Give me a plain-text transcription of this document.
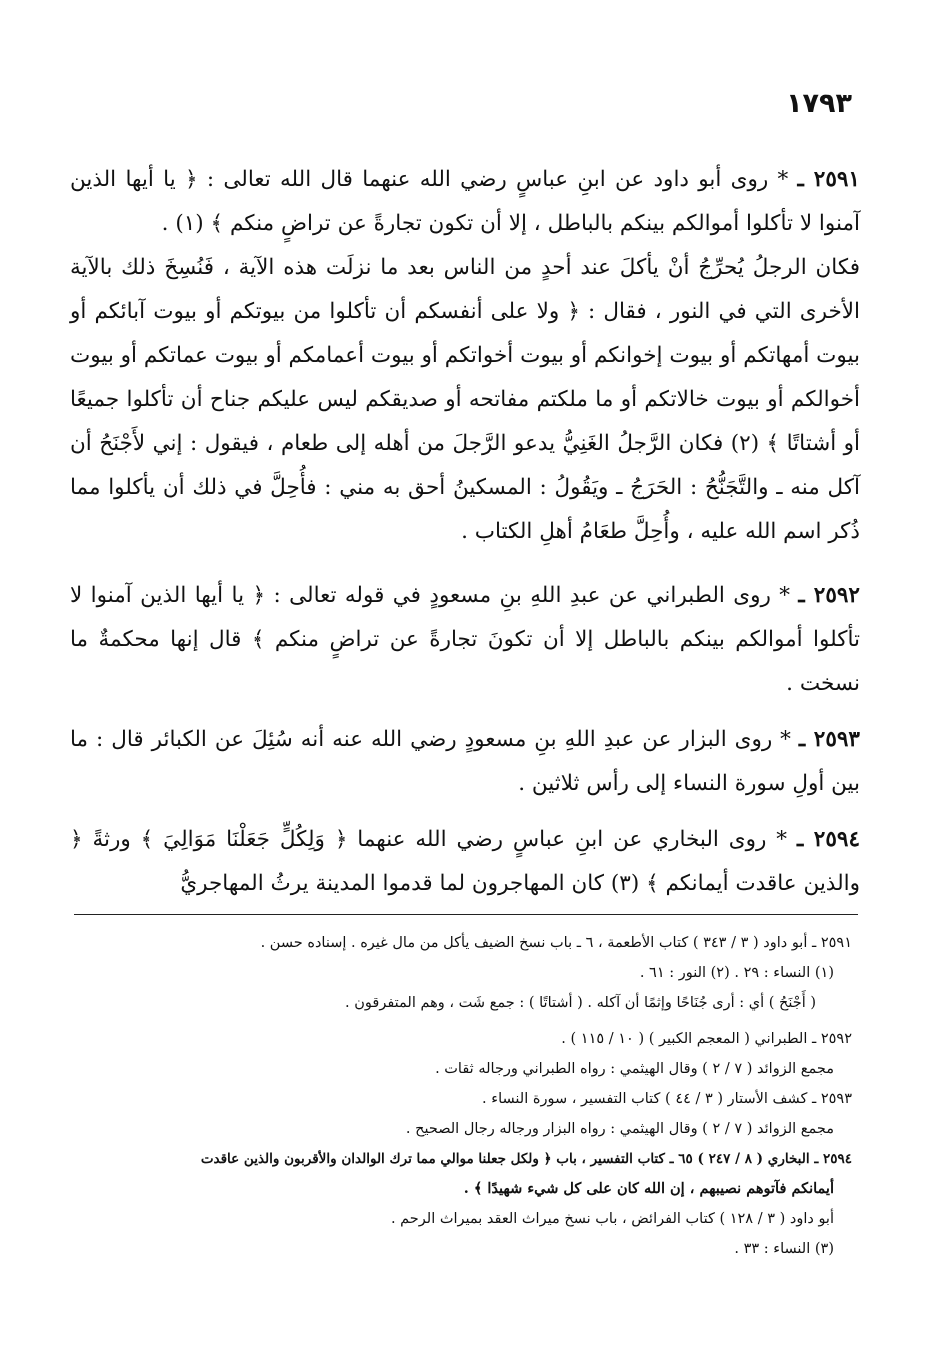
١٧٩٣

٢٥٩١ ـ * روى أبو داود عن ابنِ عباسٍ رضي الله عنهما قال الله تعالى : ﴿ يا أيها الذين آمنوا لا تأكلوا أموالكم بينكم بالباطل ، إلا أن تكون تجارةً عن تراضٍ منكم ﴾ (١) .

فكان الرجلُ يُحرِّجُ أنْ يأكلَ عند أحدٍ من الناس بعد ما نزلَت هذه الآية ، فَنُسِخَ ذلك بالآية الأخرى التي في النور ، فقال : ﴿ ولا على أنفسكم أن تأكلوا من بيوتكم أو بيوت آبائكم أو بيوت أمهاتكم أو بيوت إخوانكم أو بيوت أخواتكم أو بيوت أعمامكم أو بيوت عماتكم أو بيوت أخوالكم أو بيوت خالاتكم أو ما ملكتم مفاتحه أو صديقكم ليس عليكم جناح أن تأكلوا جميعًا أو أشتاتًا ﴾ (٢) فكان الرَّجلُ الغَنِيُّ يدعو الرَّجلَ من أهله إلى طعام ، فيقول : إني لأَجْنَحُ أن آكل منه ـ والتَّجَنُّحُ : الحَرَجُ ـ ويَقُولُ : المسكينُ أحق به مني : فأُحِلَّ في ذلك أن يأكلوا مما ذُكر اسم الله عليه ، وأُحِلَّ طعَامُ أهلِ الكتاب .

٢٥٩٢ ـ * روى الطبراني عن عبدِ اللهِ بنِ مسعودٍ في قوله تعالى : ﴿ يا أيها الذين آمنوا لا تأكلوا أموالكم بينكم بالباطل إلا أن تكونَ تجارةً عن تراضٍ منكم ﴾ قال إنها محكمةٌ ما نسخت .

٢٥٩٣ ـ * روى البزار عن عبدِ اللهِ بنِ مسعودٍ رضي الله عنه أنه سُئِلَ عن الكبائر قال : ما بين أولِ سورة النساء إلى رأس ثلاثين .

٢٥٩٤ ـ * روى البخاري عن ابنِ عباسٍ رضي الله عنهما ﴿ وَلِكُلٍّ جَعَلْنَا مَوَالِيَ ﴾ ورثةً ﴿ والذين عاقدت أيمانكم ﴾ (٣) كان المهاجرون لما قدموا المدينة يرثُ المهاجريُّ

٢٥٩١ ـ أبو داود ( ٣ / ٣٤٣ ) كتاب الأطعمة ، ٦ ـ باب نسخ الضيف يأكل من مال غيره . إسناده حسن .
(١) النساء : ٢٩ . (٢) النور : ٦١ .
( أَجْنَحُ ) أي : أرى جُنَاحًا وإثمًا أن آكله . ( أشتاتًا ) : جمع شَت ، وهم المتفرقون .
٢٥٩٢ ـ الطبراني ( المعجم الكبير ) ( ١٠ / ١١٥ ) .
مجمع الزوائد ( ٧ / ٢ ) وقال الهيثمي : رواه الطبراني ورجاله ثقات .
٢٥٩٣ ـ كشف الأستار ( ٣ / ٤٤ ) كتاب التفسير ، سورة النساء .
مجمع الزوائد ( ٧ / ٢ ) وقال الهيثمي : رواه البزار ورجاله رجال الصحيح .
٢٥٩٤ ـ البخاري ( ٨ / ٢٤٧ ) ٦٥ ـ كتاب التفسير ، باب ﴿ ولكل جعلنا موالي مما ترك الوالدان والأقربون والذين عاقدت
أيمانكم فآتوهم نصيبهم ، إن الله كان على كل شيء شهيدًا ﴾ .
أبو داود ( ٣ / ١٢٨ ) كتاب الفرائض ، باب نسخ ميراث العقد بميراث الرحم .
(٣) النساء : ٣٣ .
